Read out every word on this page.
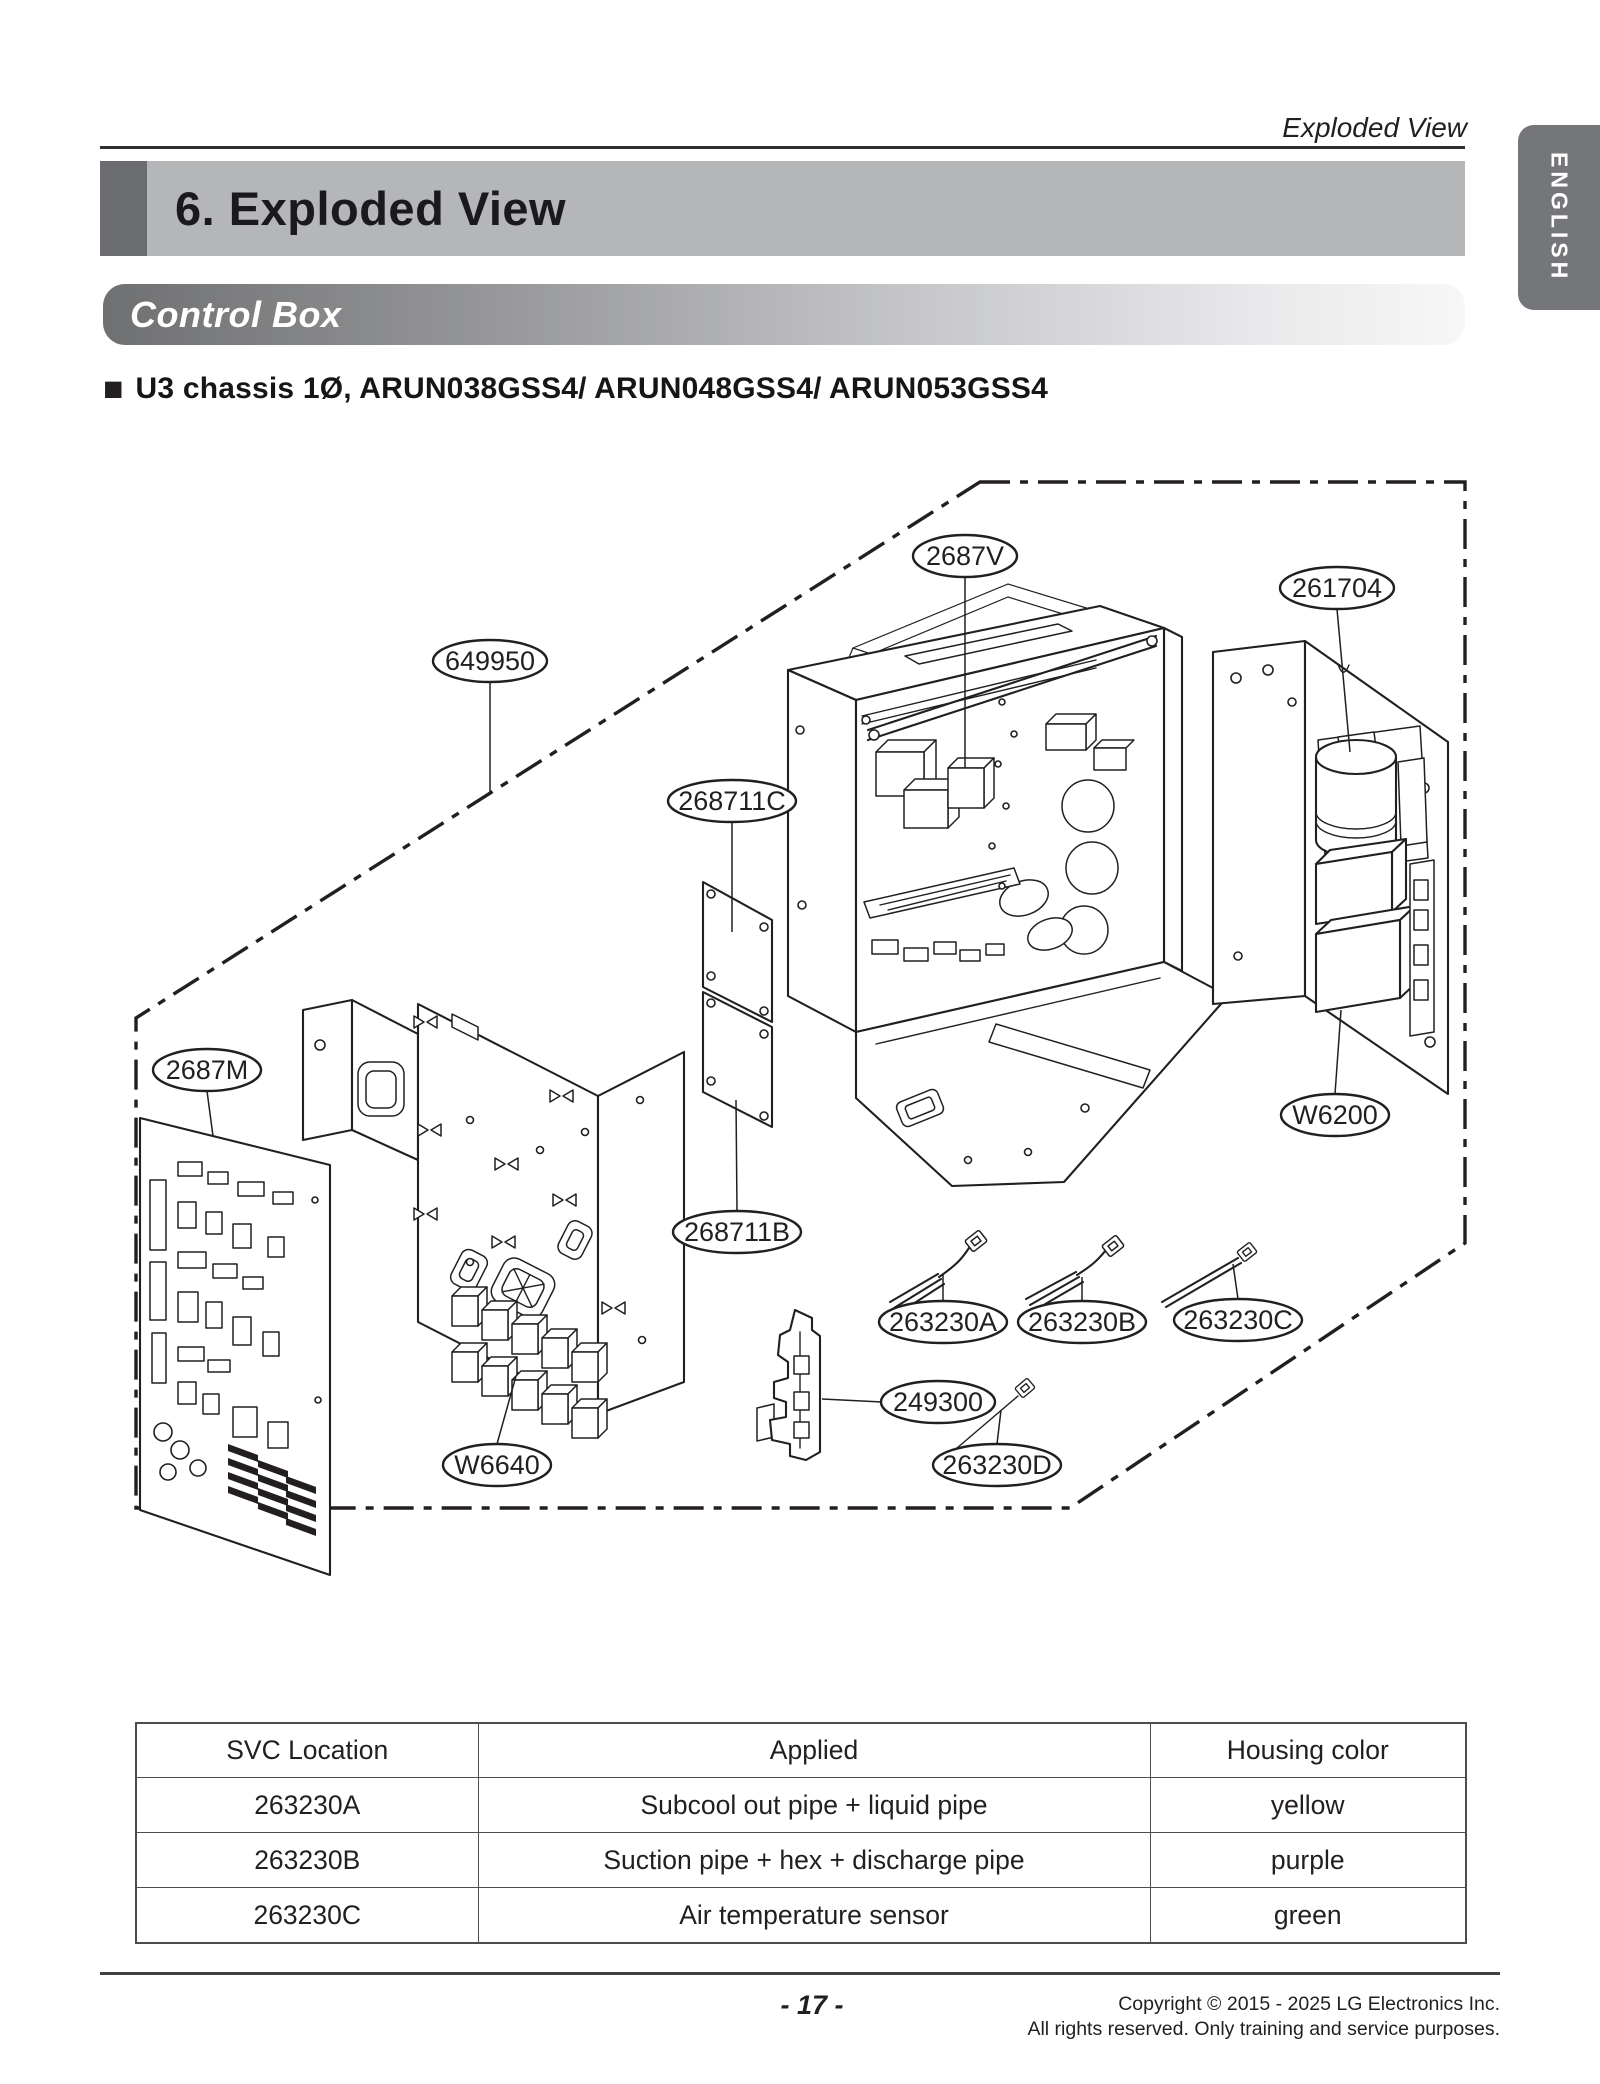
Exploded View
6. Exploded View	ENGLISH
Control Box
■ U3 chassis 1Ø, ARUN038GSS4/ ARUN048GSS4/ ARUN053GSS4
2687V
261704
649950
268711C
2687M
W6200
268711B
263230A 263230B 263230C
249300
263230D
W6640
SVC Location	Applied	Housing color
263230A	Subcool out pipe + liquid pipe	yellow
263230B	Suction pipe + hex + discharge pipe	purple
263230C	Air temperature sensor	green
- 17 -	Copyright © 2015 - 2025 LG Electronics Inc.
All rights reserved. Only training and service purposes.
